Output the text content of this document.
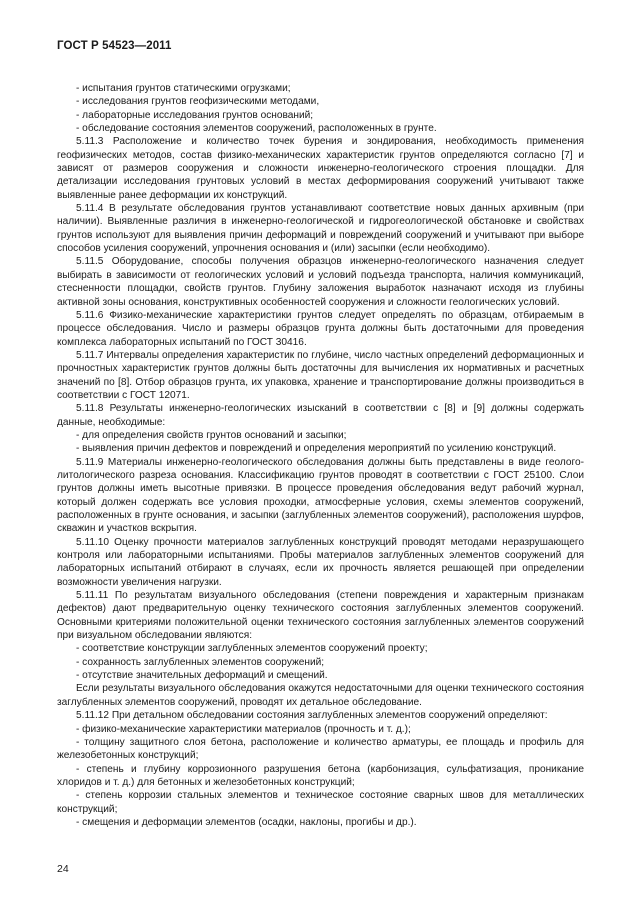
ГОСТ Р 54523—2011

- испытания грунтов статическими огрузками;

- исследования грунтов геофизическими методами,

- лабораторные исследования грунтов оснований;

- обследование состояния элементов сооружений, расположенных в грунте.

5.11.3 Расположение и количество точек бурения и зондирования, необходимость применения геофизических методов, состав физико-механических характеристик грунтов определяются согласно [7] и зависят от размеров сооружения и сложности инженерно-геологического строения площадки. Для детализации исследования грунтовых условий в местах деформирования сооружений учитывают также выявленные ранее деформации их конструкций.

5.11.4 В результате обследования грунтов устанавливают соответствие новых данных архивным (при наличии). Выявленные различия в инженерно-геологической и гидрогеологической обстановке и свойствах грунтов используют для выявления причин деформаций и повреждений сооружений и учитывают при выборе способов усиления сооружений, упрочнения основания и (или) засыпки (если необходимо).

5.11.5 Оборудование, способы получения образцов инженерно-геологического назначения следует выбирать в зависимости от геологических условий и условий подъезда транспорта, наличия коммуникаций, стесненности площадки, свойств грунтов. Глубину заложения выработок назначают исходя из глубины активной зоны основания, конструктивных особенностей сооружения и сложности геологических условий.

5.11.6 Физико-механические характеристики грунтов следует определять по образцам, отбираемым в процессе обследования. Число и размеры образцов грунта должны быть достаточными для проведения комплекса лабораторных испытаний по ГОСТ 30416.

5.11.7 Интервалы определения характеристик по глубине, число частных определений деформационных и прочностных характеристик грунтов должны быть достаточны для вычисления их нормативных и расчетных значений по [8]. Отбор образцов грунта, их упаковка, хранение и транспортирование должны производиться в соответствии с ГОСТ 12071.

5.11.8 Результаты инженерно-геологических изысканий в соответствии с [8] и [9] должны содержать данные, необходимые:

- для определения свойств грунтов оснований и засыпки;

- выявления причин дефектов и повреждений и определения мероприятий по усилению конструкций.

5.11.9 Материалы инженерно-геологического обследования должны быть представлены в виде геолого-литологического разреза основания. Классификацию грунтов проводят в соответствии с ГОСТ 25100. Слои грунтов должны иметь высотные привязки. В процессе проведения обследования ведут рабочий журнал, который должен содержать все условия проходки, атмосферные условия, схемы элементов сооружений, расположенных в грунте основания, и засыпки (заглубленных элементов сооружений), расположения шурфов, скважин и участков вскрытия.

5.11.10 Оценку прочности материалов заглубленных конструкций проводят методами неразрушающего контроля или лабораторными испытаниями. Пробы материалов заглубленных элементов сооружений для лабораторных испытаний отбирают в случаях, если их прочность является решающей при определении возможности увеличения нагрузки.

5.11.11 По результатам визуального обследования (степени повреждения и характерным признакам дефектов) дают предварительную оценку технического состояния заглубленных элементов сооружений. Основными критериями положительной оценки технического состояния заглубленных элементов сооружений при визуальном обследовании являются:

- соответствие конструкции заглубленных элементов сооружений проекту;

- сохранность заглубленных элементов сооружений;

- отсутствие значительных деформаций и смещений.

Если результаты визуального обследования окажутся недостаточными для оценки технического состояния заглубленных элементов сооружений, проводят их детальное обследование.

5.11.12 При детальном обследовании состояния заглубленных элементов сооружений определяют:

- физико-механические характеристики материалов (прочность и т. д.);

- толщину защитного слоя бетона, расположение и количество арматуры, ее площадь и профиль для железобетонных конструкций;

- степень и глубину коррозионного разрушения бетона (карбонизация, сульфатизация, проникание хлоридов и т. д.) для бетонных и железобетонных конструкций;

- степень коррозии стальных элементов и техническое состояние сварных швов для металлических конструкций;

- смещения и деформации элементов (осадки, наклоны, прогибы и др.).

24
